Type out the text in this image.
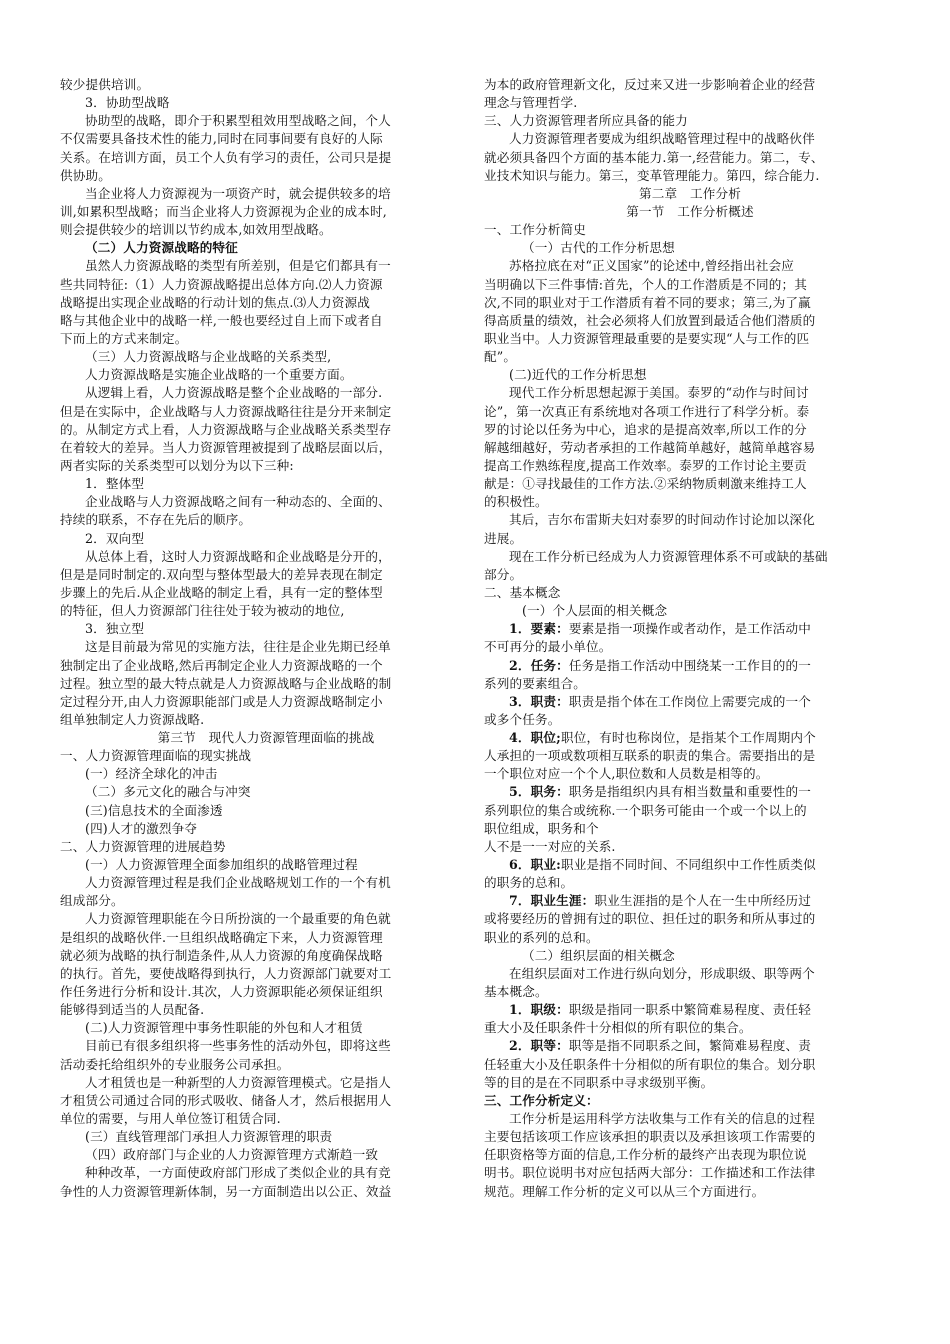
较少提供培训。
3．协助型战略
协助型的战略，即介于积累型租效用型战略之间，个人
不仅需要具备技术性的能力,同时在同事间要有良好的人际
关系。在培训方面，员工个人负有学习的责任，公司只是提
供协助。
当企业将人力资源视为一项资产时，就会提供较多的培
训,如累积型战略；而当企业将人力资源视为企业的成本时,
则会提供较少的培训以节约成本,如效用型战略。
（二）人力资源战略的特征
虽然人力资源战略的类型有所差别，但是它们都具有一
些共同特征:（1）人力资源战略提出总体方向.⑵人力资源
战略提出实现企业战略的行动计划的焦点.⑶人力资源战
略与其他企业中的战略一样,一般也要经过自上而下或者自
下而上的方式来制定。
（三）人力资源战略与企业战略的关系类型,
人力资源战略是实施企业战略的一个重要方面。
从逻辑上看，人力资源战略是整个企业战略的一部分.
但是在实际中，企业战略与人力资源战略往往是分开来制定
的。从制定方式上看，人力资源战略与企业战略关系类型存
在着较大的差异。当人力资源管理被提到了战略层面以后，
两者实际的关系类型可以划分为以下三种:
1．整体型
企业战略与人力资源战略之间有一种动态的、全面的、
持续的联系，不存在先后的顺序。
2．双向型
从总体上看，这时人力资源战略和企业战略是分开的，
但是是同时制定的.双向型与整体型最大的差异表现在制定
步骤上的先后.从企业战略的制定上看，具有一定的整体型
的特征，但人力资源部门往往处于较为被动的地位,
3．独立型
这是目前最为常见的实施方法，往往是企业先期已经单
独制定出了企业战略,然后再制定企业人力资源战略的一个
过程。独立型的最大特点就是人力资源战略与企业战略的制
定过程分开,由人力资源职能部门或是人力资源战略制定小
组单独制定人力资源战略.
第三节　现代人力资源管理面临的挑战
一、人力资源管理面临的现实挑战
(一）经济全球化的冲击
（二）多元文化的融合与冲突
(三)信息技术的全面渗透
(四)人才的激烈争夺
二、人力资源管理的进展趋势
(一）人力资源管理全面参加组织的战略管理过程
人力资源管理过程是我们企业战略规划工作的一个有机
组成部分。
人力资源管理职能在今日所扮演的一个最重要的角色就
是组织的战略伙伴.一旦组织战略确定下来，人力资源管理
就必须为战略的执行制造条件,从人力资源的角度确保战略
的执行。首先，要使战略得到执行，人力资源部门就要对工
作任务进行分析和设计.其次，人力资源职能必须保证组织
能够得到适当的人员配备.
(二)人力资源管理中事务性职能的外包和人才租赁
目前已有很多组织将一些事务性的活动外包，即将这些
活动委托给组织外的专业服务公司承担。
人才租赁也是一种新型的人力资源管理模式。它是指人
才租赁公司通过合同的形式吸收、储备人才，然后根据用人
单位的需要，与用人单位签订租赁合同.
(三）直线管理部门承担人力资源管理的职责
（四）政府部门与企业的人力资源管理方式渐趋一致
种种改革，一方面使政府部门形成了类似企业的具有竞
争性的人力资源管理新体制，另一方面制造出以公正、效益
为本的政府管理新文化，反过来又进一步影响着企业的经营
理念与管理哲学.
三、人力资源管理者所应具备的能力
人力资源管理者要成为组织战略管理过程中的战略伙伴
就必须具备四个方面的基本能力.第一,经营能力。第二，专、
业技术知识与能力。第三，变革管理能力。第四，综合能力.
第二章　工作分析
第一节　工作分析概述
一、工作分析简史
（一）古代的工作分析思想
苏格拉底在对“正义国家”的论述中,曾经指出社会应
当明确以下三件事情:首先，个人的工作潜质是不同的；其
次,不同的职业对于工作潜质有着不同的要求；第三,为了赢
得高质量的绩效，社会必须将人们放置到最适合他们潜质的
职业当中。人力资源管理最重要的是要实现“人与工作的匹
配”。
(二)近代的工作分析思想
现代工作分析思想起源于美国。泰罗的“动作与时间讨
论”，第一次真正有系统地对各项工作进行了科学分析。泰
罗的讨论以任务为中心，追求的是提高效率,所以工作的分
解越细越好，劳动者承担的工作越简单越好，越简单越容易
提高工作熟练程度,提高工作效率。泰罗的工作讨论主要贡
献是：①寻找最佳的工作方法.②采纳物质刺激来维持工人
的积极性。
其后，吉尔布雷斯夫妇对泰罗的时间动作讨论加以深化
进展。
现在工作分析已经成为人力资源管理体系不可或缺的基础
部分。
二、基本概念
(一）个人层面的相关概念
1．要素：要素是指一项操作或者动作，是工作活动中
不可再分的最小单位。
2．任务：任务是指工作活动中围绕某一工作目的的一
系列的要素组合。
3．职责：职责是指个体在工作岗位上需要完成的一个
或多个任务。
4．职位;职位，有时也称岗位，是指某个工作周期内个
人承担的一项或数项相互联系的职责的集合。需要指出的是
一个职位对应一个个人,职位数和人员数是相等的。
5．职务：职务是指组织内具有相当数量和重要性的一
系列职位的集合或统称.一个职务可能由一个或一个以上的
职位组成，职务和个
人不是一一对应的关系.
6．职业:职业是指不同时间、不同组织中工作性质类似
的职务的总和。
7．职业生涯：职业生涯指的是个人在一生中所经历过
或将要经历的曾拥有过的职位、担任过的职务和所从事过的
职业的系列的总和。
（二）组织层面的相关概念
在组织层面对工作进行纵向划分，形成职级、职等两个
基本概念。
1．职级：职级是指同一职系中繁简难易程度、责任轻
重大小及任职条件十分相似的所有职位的集合。
2．职等：职等是指不同职系之间，繁简难易程度、责
任轻重大小及任职条件十分相似的所有职位的集合。划分职
等的目的是在不同职系中寻求级别平衡。
三、工作分析定义：
工作分析是运用科学方法收集与工作有关的信息的过程
主要包括该项工作应该承担的职责以及承担该项工作需要的
任职资格等方面的信息,工作分析的最终产出表现为职位说
明书。职位说明书对应包括两大部分：工作描述和工作法律
规范。理解工作分析的定义可以从三个方面进行。
